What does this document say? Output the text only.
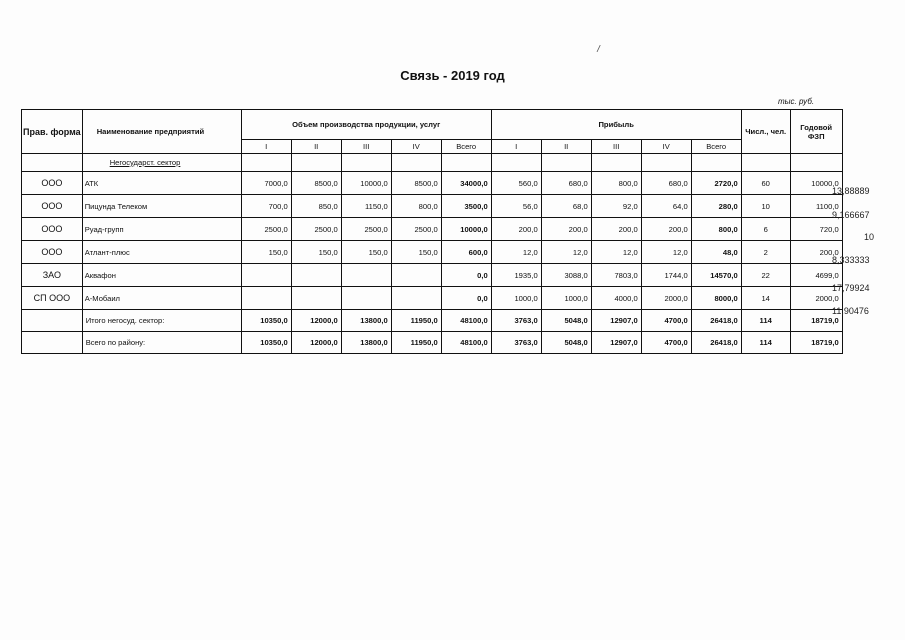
/
Связь - 2019 год
тыс. руб.
Прав. форма	Наименование предприятий	Объем производства продукции, услуг					Прибыль					Числ., чел.	Годовой ФЗП
		I	II	III	IV	Всего	I	II	III	IV	Всего		
	Негосударст. сектор												
ООО	АТК	7000,0	8500,0	10000,0	8500,0	34000,0	560,0	680,0	800,0	680,0	2720,0	60	10000,0
ООО	Пицунда Телеком	700,0	850,0	1150,0	800,0	3500,0	56,0	68,0	92,0	64,0	280,0	10	1100,0
ООО	Руад-групп	2500,0	2500,0	2500,0	2500,0	10000,0	200,0	200,0	200,0	200,0	800,0	6	720,0
ООО	Атлант-плюс	150,0	150,0	150,0	150,0	600,0	12,0	12,0	12,0	12,0	48,0	2	200,0
ЗАО	Аквафон					0,0	1935,0	3088,0	7803,0	1744,0	14570,0	22	4699,0
СП ООО	А-Мобаил					0,0	1000,0	1000,0	4000,0	2000,0	8000,0	14	2000,0
	Итого негосуд. сектор:	10350,0	12000,0	13800,0	11950,0	48100,0	3763,0	5048,0	12907,0	4700,0	26418,0	114	18719,0
	Всего по району:	10350,0	12000,0	13800,0	11950,0	48100,0	3763,0	5048,0	12907,0	4700,0	26418,0	114	18719,0
13,88889
9,166667
10
8,333333
17,79924
11,90476
